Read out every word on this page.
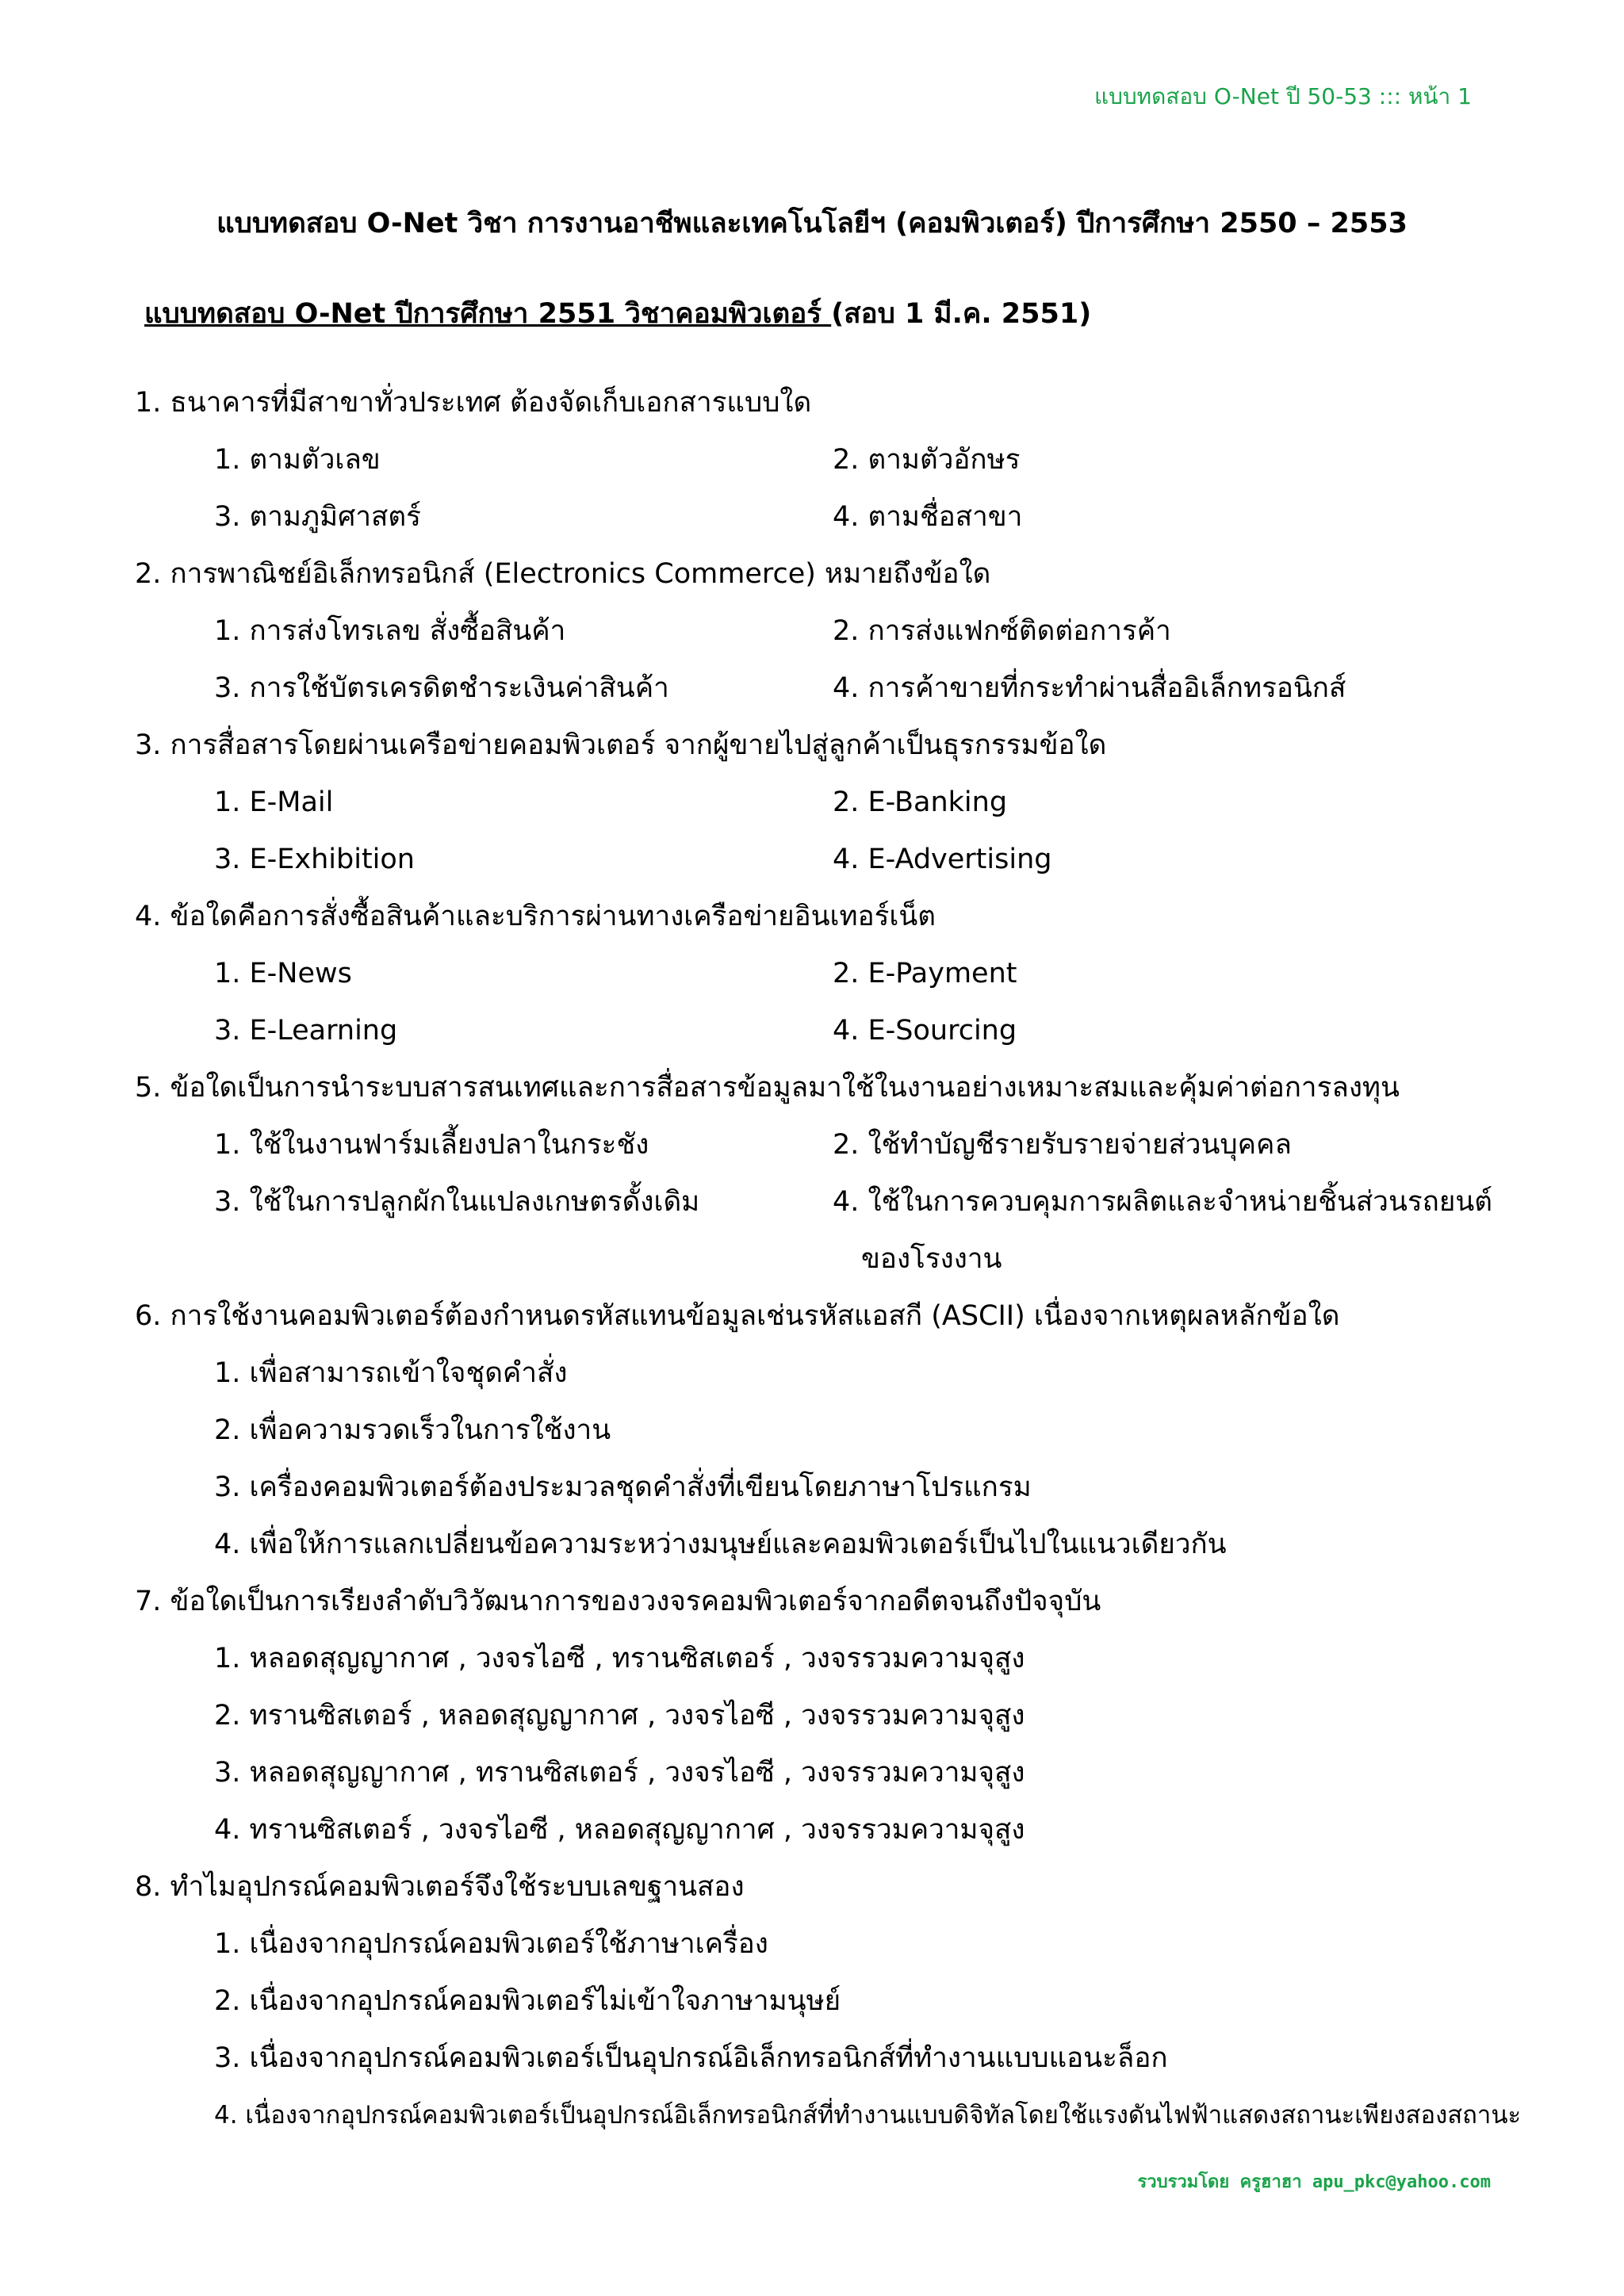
แบบทดสอบ O-Net ปี 50-53 ::: หน้า 1
แบบทดสอบ O-Net วิชา การงานอาชีพและเทคโนโลยีฯ (คอมพิวเตอร์) ปีการศึกษา 2550 – 2553
แบบทดสอบ O-Net ปีการศึกษา 2551 วิชาคอมพิวเตอร์ (สอบ 1 มี.ค. 2551)
1. ธนาคารที่มีสาขาทั่วประเทศ ต้องจัดเก็บเอกสารแบบใด
1. ตามตัวเลข	2. ตามตัวอักษร
3. ตามภูมิศาสตร์	4. ตามชื่อสาขา
2. การพาณิชย์อิเล็กทรอนิกส์ (Electronics Commerce) หมายถึงข้อใด
1. การส่งโทรเลข สั่งซื้อสินค้า	2. การส่งแฟกซ์ติดต่อการค้า
3. การใช้บัตรเครดิตชำระเงินค่าสินค้า	4. การค้าขายที่กระทำผ่านสื่ออิเล็กทรอนิกส์
3. การสื่อสารโดยผ่านเครือข่ายคอมพิวเตอร์ จากผู้ขายไปสู่ลูกค้าเป็นธุรกรรมข้อใด
1. E-Mail	2. E-Banking
3. E-Exhibition	4. E-Advertising
4. ข้อใดคือการสั่งซื้อสินค้าและบริการผ่านทางเครือข่ายอินเทอร์เน็ต
1. E-News	2. E-Payment
3. E-Learning	4. E-Sourcing
5. ข้อใดเป็นการนำระบบสารสนเทศและการสื่อสารข้อมูลมาใช้ในงานอย่างเหมาะสมและคุ้มค่าต่อการลงทุน
1. ใช้ในงานฟาร์มเลี้ยงปลาในกระชัง	2. ใช้ทำบัญชีรายรับรายจ่ายส่วนบุคคล
3. ใช้ในการปลูกผักในแปลงเกษตรดั้งเดิม	4. ใช้ในการควบคุมการผลิตและจำหน่ายชิ้นส่วนรถยนต์
ของโรงงาน
6. การใช้งานคอมพิวเตอร์ต้องกำหนดรหัสแทนข้อมูลเช่นรหัสแอสกี (ASCII) เนื่องจากเหตุผลหลักข้อใด
1. เพื่อสามารถเข้าใจชุดคำสั่ง
2. เพื่อความรวดเร็วในการใช้งาน
3. เครื่องคอมพิวเตอร์ต้องประมวลชุดคำสั่งที่เขียนโดยภาษาโปรแกรม
4. เพื่อให้การแลกเปลี่ยนข้อความระหว่างมนุษย์และคอมพิวเตอร์เป็นไปในแนวเดียวกัน
7. ข้อใดเป็นการเรียงลำดับวิวัฒนาการของวงจรคอมพิวเตอร์จากอดีตจนถึงปัจจุบัน
1. หลอดสุญญากาศ , วงจรไอซี , ทรานซิสเตอร์ , วงจรรวมความจุสูง
2. ทรานซิสเตอร์ , หลอดสุญญากาศ , วงจรไอซี , วงจรรวมความจุสูง
3. หลอดสุญญากาศ , ทรานซิสเตอร์ , วงจรไอซี , วงจรรวมความจุสูง
4. ทรานซิสเตอร์ , วงจรไอซี , หลอดสุญญากาศ , วงจรรวมความจุสูง
8. ทำไมอุปกรณ์คอมพิวเตอร์จึงใช้ระบบเลขฐานสอง
1. เนื่องจากอุปกรณ์คอมพิวเตอร์ใช้ภาษาเครื่อง
2. เนื่องจากอุปกรณ์คอมพิวเตอร์ไม่เข้าใจภาษามนุษย์
3. เนื่องจากอุปกรณ์คอมพิวเตอร์เป็นอุปกรณ์อิเล็กทรอนิกส์ที่ทำงานแบบแอนะล็อก
4. เนื่องจากอุปกรณ์คอมพิวเตอร์เป็นอุปกรณ์อิเล็กทรอนิกส์ที่ทำงานแบบดิจิทัลโดยใช้แรงดันไฟฟ้าแสดงสถานะเพียงสองสถานะ
รวบรวมโดย ครูฮาฮา apu_pkc@yahoo.com
